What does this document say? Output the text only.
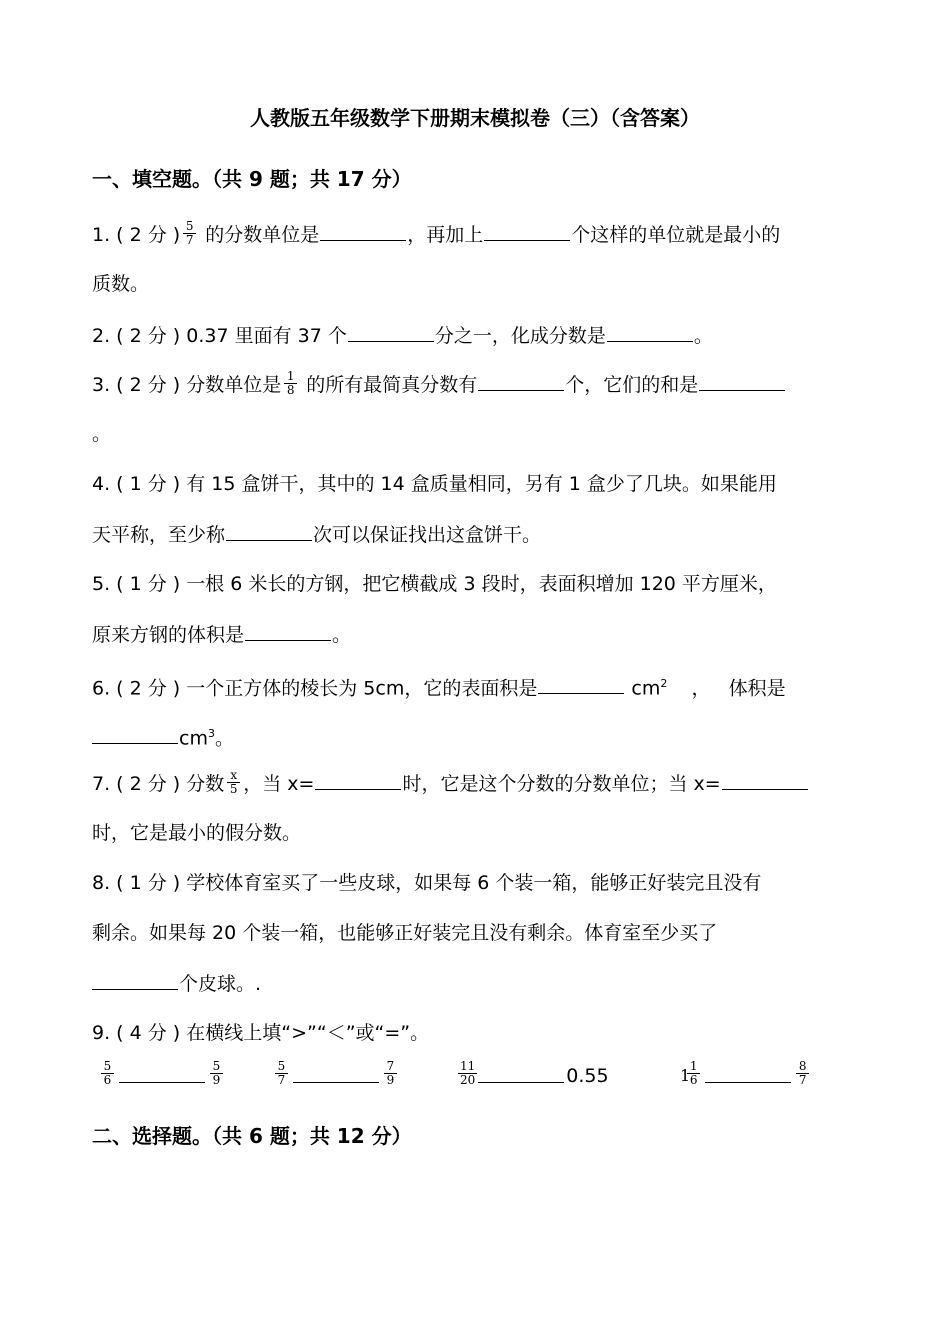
人教版五年级数学下册期末模拟卷（三）（含答案）
一、填空题。（共 9 题；共 17 分）
1. ( 2 分 ) $\frac{5}{7}$ 的分数单位是	，再加上	个这样的单位就是最小的
质数。
2. ( 2 分 ) 0.37 里面有 37 个	分之一，化成分数是	。
3. ( 2 分 ) 分数单位是 $\frac{1}{8}$ 的所有最简真分数有	个，它们的和是
。
4. ( 1 分 ) 有 15 盒饼干，其中的 14 盒质量相同，另有 1 盒少了几块。如果能用
天平称，至少称	次可以保证找出这盒饼干。
5. ( 1 分 ) 一根 6 米长的方钢，把它横截成 3 段时，表面积增加 120 平方厘米，
原来方钢的体积是	。
6. ( 2 分 ) 一个正方体的棱长为 5cm，它的表面积是	$cm^2$    ，   体积是
$cm^3$。
7. ( 2 分 ) 分数 $\frac{x}{5}$ ，当 x=	时，它是这个分数的分数单位；当 x=
时，它是最小的假分数。
8. ( 1 分 ) 学校体育室买了一些皮球，如果每 6 个装一箱，能够正好装完且没有
剩余。如果每 20 个装一箱，也能够正好装完且没有剩余。体育室至少买了
个皮球。.
9. ( 4 分 ) 在横线上填“>”“＜”或“=”。
$\frac{5}{6}$	$\frac{5}{9}$	$\frac{5}{7}$	$\frac{7}{9}$	$\frac{11}{20}$	0.55	1
$\frac{1}{6}$	$\frac{8}{7}$
二、选择题。（共 6 题；共 12 分）
